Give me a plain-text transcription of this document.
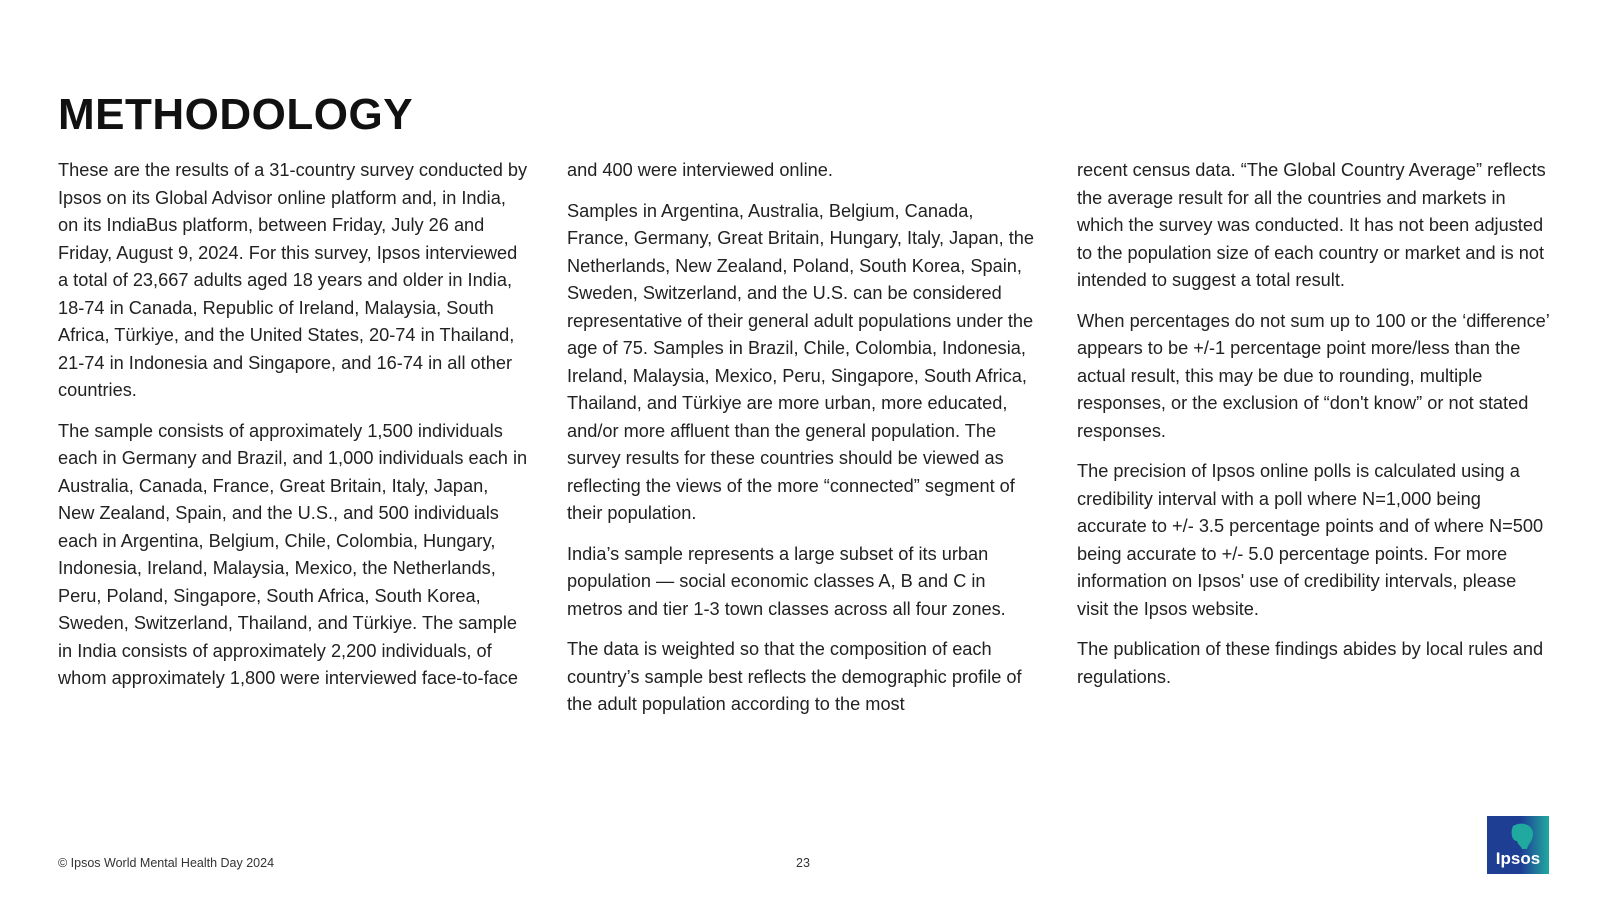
METHODOLOGY

These are the results of a 31-country survey conducted by Ipsos on its Global Advisor online platform and, in India, on its IndiaBus platform, between Friday, July 26 and Friday, August 9, 2024. For this survey, Ipsos interviewed a total of 23,667 adults aged 18 years and older in India, 18-74 in Canada, Republic of Ireland, Malaysia, South Africa, Türkiye, and the United States, 20-74 in Thailand, 21-74 in Indonesia and Singapore, and 16-74 in all other countries.

The sample consists of approximately 1,500 individuals each in Germany and Brazil, and 1,000 individuals each in Australia, Canada, France, Great Britain, Italy, Japan, New Zealand, Spain, and the U.S., and 500 individuals each in Argentina, Belgium, Chile, Colombia, Hungary, Indonesia, Ireland, Malaysia, Mexico, the Netherlands, Peru, Poland, Singapore, South Africa, South Korea, Sweden, Switzerland, Thailand, and Türkiye. The sample in India consists of approximately 2,200 individuals, of whom approximately 1,800 were interviewed face-to-face

and 400 were interviewed online.

Samples in Argentina, Australia, Belgium, Canada, France, Germany, Great Britain, Hungary, Italy, Japan, the Netherlands, New Zealand, Poland, South Korea, Spain, Sweden, Switzerland, and the U.S. can be considered representative of their general adult populations under the age of 75. Samples in Brazil, Chile, Colombia, Indonesia, Ireland, Malaysia, Mexico, Peru, Singapore, South Africa, Thailand, and Türkiye are more urban, more educated, and/or more affluent than the general population. The survey results for these countries should be viewed as reflecting the views of the more “connected” segment of their population.

India’s sample represents a large subset of its urban population — social economic classes A, B and C in metros and tier 1-3 town classes across all four zones.

The data is weighted so that the composition of each country’s sample best reflects the demographic profile of the adult population according to the most

recent census data. “The Global Country Average” reflects the average result for all the countries and markets in which the survey was conducted. It has not been adjusted to the population size of each country or market and is not intended to suggest a total result.

When percentages do not sum up to 100 or the ‘difference’ appears to be +/-1 percentage point more/less than the actual result, this may be due to rounding, multiple responses, or the exclusion of “don't know” or not stated responses.

The precision of Ipsos online polls is calculated using a credibility interval with a poll where N=1,000 being accurate to +/- 3.5 percentage points and of where N=500 being accurate to +/- 5.0 percentage points. For more information on Ipsos' use of credibility intervals, please visit the Ipsos website.

The publication of these findings abides by local rules and regulations.

© Ipsos World Mental Health Day 2024	23	Ipsos
